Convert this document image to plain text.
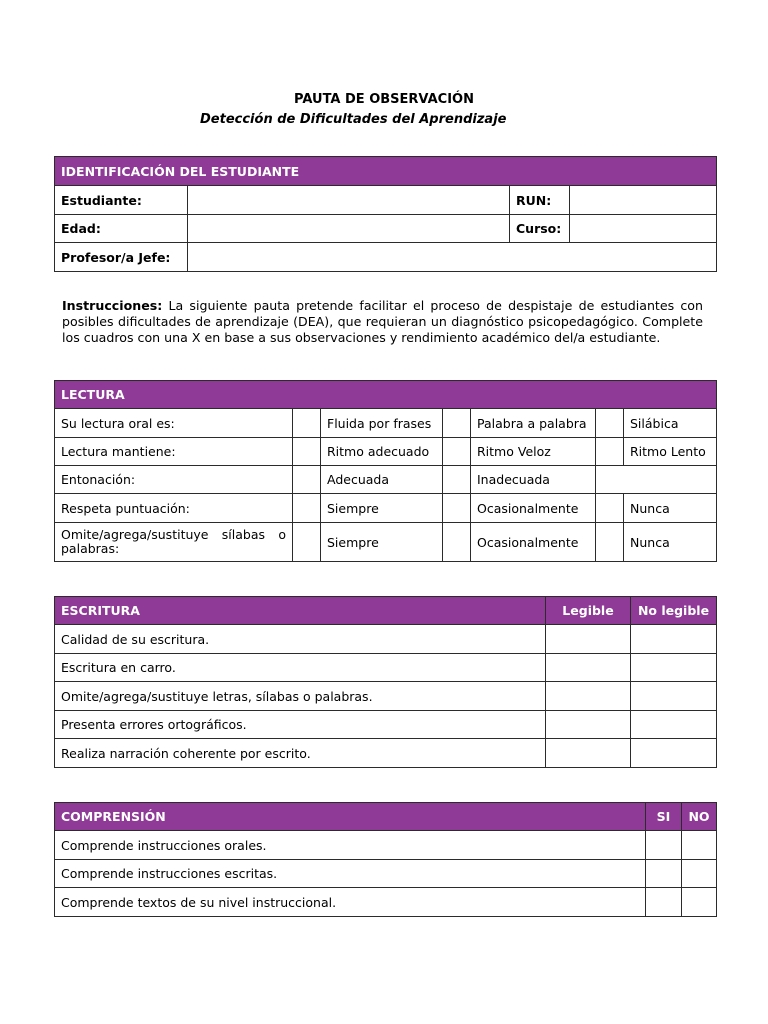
PAUTA DE OBSERVACIÓN
Detección de Dificultades del Aprendizaje
IDENTIFICACIÓN DEL ESTUDIANTE			
Estudiante:		RUN:	
Edad:		Curso:	
Profesor/a Jefe:			
Instrucciones: La siguiente pauta pretende facilitar el proceso de despistaje de estudiantes con posibles dificultades de aprendizaje (DEA), que requieran un diagnóstico psicopedagógico. Complete los cuadros con una X en base a sus observaciones y rendimiento académico del/a estudiante.
LECTURA						
Su lectura oral es:		Fluida por frases		Palabra a palabra		Silábica
Lectura mantiene:		Ritmo adecuado		Ritmo Veloz		Ritmo Lento
Entonación:		Adecuada		Inadecuada		
Respeta puntuación:		Siempre		Ocasionalmente		Nunca
Omite/agrega/sustituye sílabas o palabras:		Siempre		Ocasionalmente		Nunca
ESCRITURA	Legible	No legible
Calidad de su escritura.		
Escritura en carro.		
Omite/agrega/sustituye letras, sílabas o palabras.		
Presenta errores ortográficos.		
Realiza narración coherente por escrito.		
COMPRENSIÓN	SI	NO
Comprende instrucciones orales.		
Comprende instrucciones escritas.		
Comprende textos de su nivel instruccional.		
